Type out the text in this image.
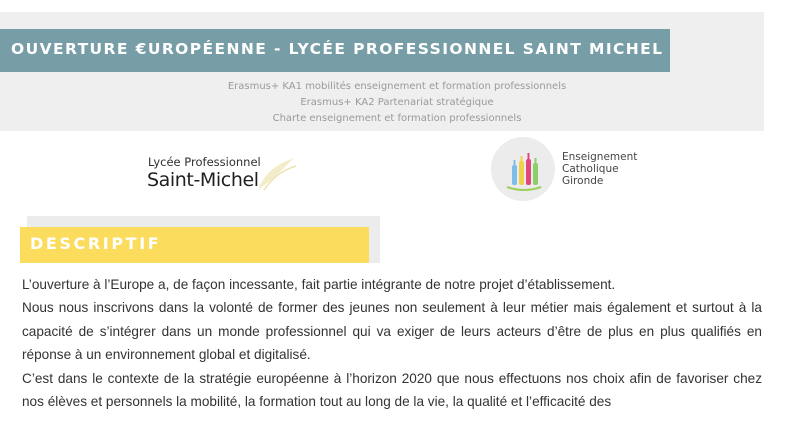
OUVERTURE €UROPÉENNE - LYCÉE PROFESSIONNEL SAINT MICHEL
Erasmus+ KA1 mobilités enseignement et formation professionnels
Erasmus+ KA2 Partenariat stratégique
Charte enseignement et formation professionnels
Lycée Professionnel
Saint-Michel
Enseignement
Catholique
Gironde
DESCRIPTIF

L’ouverture à l’Europe a, de façon incessante, fait partie intégrante de notre projet d’établissement.

Nous nous inscrivons dans la volonté de former des jeunes non seulement à leur métier mais également et surtout à la capacité de s’intégrer dans un monde professionnel qui va exiger de leurs acteurs d’être de plus en plus qualifiés en réponse à un environnement global et digitalisé.

C’est dans le contexte de la stratégie européenne à l’horizon 2020 que nous effectuons nos choix afin de favoriser chez nos élèves et personnels la mobilité, la formation tout au long de la vie, la qualité et l’efficacité des
